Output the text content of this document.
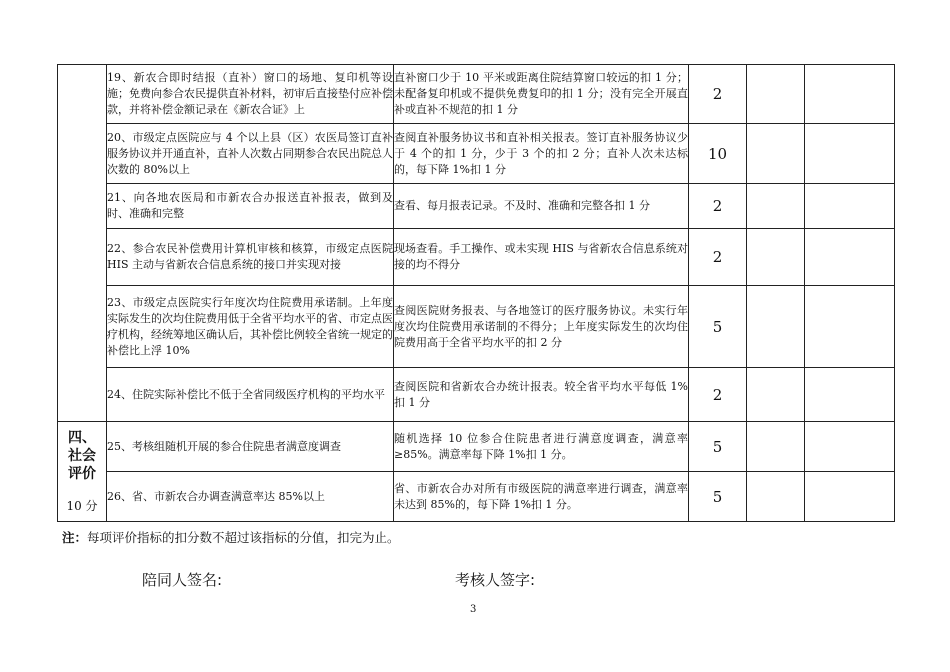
	19、新农合即时结报（直补）窗口的场地、复印机等设施；免费向参合农民提供直补材料，初审后直接垫付应补偿款，并将补偿金额记录在《新农合证》上	直补窗口少于 10 平米或距离住院结算窗口较远的扣 1 分；未配备复印机或不提供免费复印的扣 1 分；没有完全开展直补或直补不规范的扣 1 分	2		
	20、市级定点医院应与 4 个以上县（区）农医局签订直补服务协议并开通直补，直补人次数占同期参合农民出院总人次数的 80%以上	查阅直补服务协议书和直补相关报表。签订直补服务协议少于 4 个的扣 1 分，少于 3 个的扣 2 分；直补人次未达标的，每下降 1%扣 1 分	10		
	21、向各地农医局和市新农合办报送直补报表，做到及时、准确和完整	查看、每月报表记录。不及时、准确和完整各扣 1 分	2		
	22、参合农民补偿费用计算机审核和核算，市级定点医院 HIS 主动与省新农合信息系统的接口并实现对接	现场查看。手工操作、或未实现 HIS 与省新农合信息系统对接的均不得分	2		
	23、市级定点医院实行年度次均住院费用承诺制。上年度实际发生的次均住院费用低于全省平均水平的省、市定点医疗机构，经统筹地区确认后，其补偿比例较全省统一规定的补偿比上浮 10%	查阅医院财务报表、与各地签订的医疗服务协议。未实行年度次均住院费用承诺制的不得分；上年度实际发生的次均住院费用高于全省平均水平的扣 2 分	5		
	24、住院实际补偿比不低于全省同级医疗机构的平均水平	查阅医院和省新农合办统计报表。较全省平均水平每低 1%扣 1 分	2		

四、
社会
评价
10 分	25、考核组随机开展的参合住院患者满意度调查	随机选择 10 位参合住院患者进行满意度调查，满意率≥85%。满意率每下降 1%扣 1 分。	5		
	26、省、市新农合办调查满意率达 85%以上	省、市新农合办对所有市级医院的满意率进行调查，满意率未达到 85%的，每下降 1%扣 1 分。	5		
注：每项评价指标的扣分数不超过该指标的分值，扣完为止。
陪同人签名:	考核人签字:
3
